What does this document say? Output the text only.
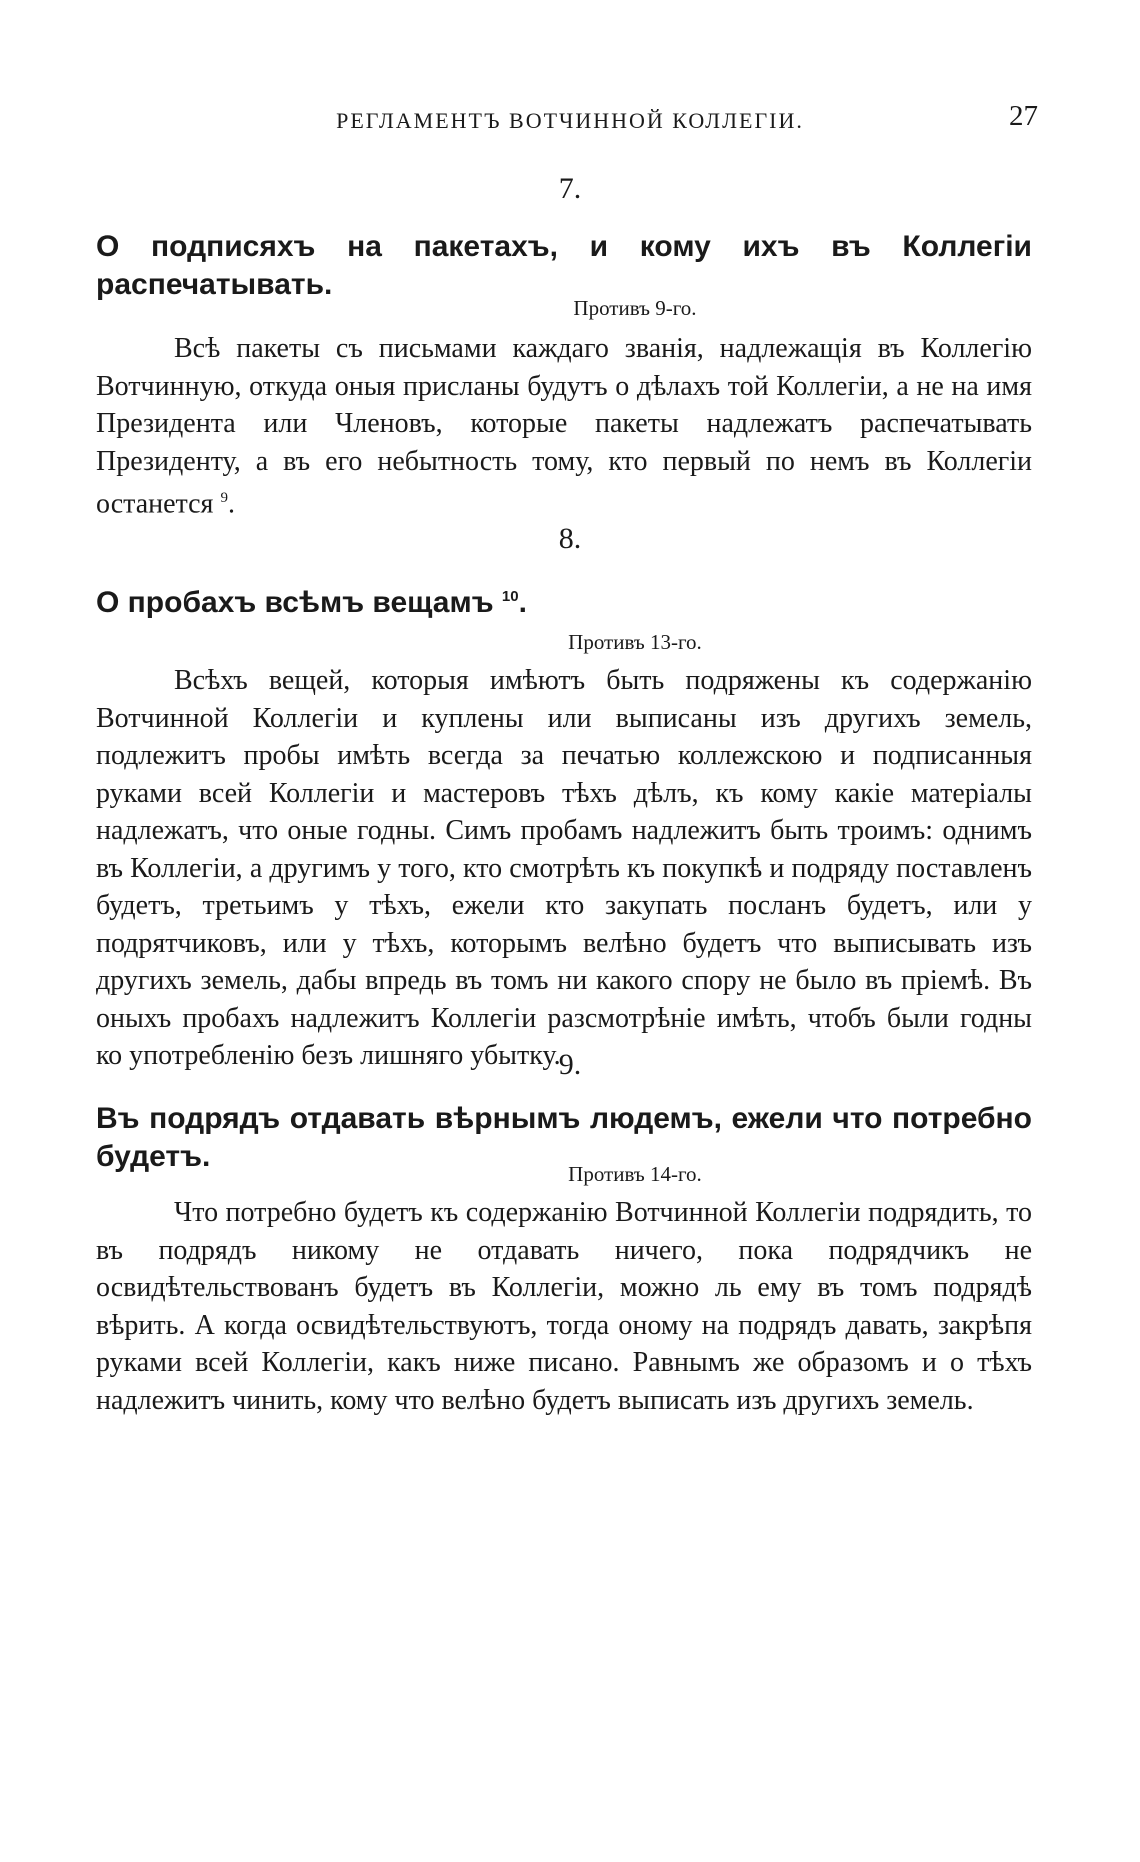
РЕГЛАМЕНТЪ ВОТЧИННОЙ КОЛЛЕГІИ.	27
7.
О подписяхъ на пакетахъ, и кому ихъ въ Коллегіи распечатывать.
Противъ 9-го.

Всѣ пакеты съ письмами каждаго званія, надлежащія въ Коллегію Вотчинную, откуда оныя присланы будутъ о дѣлахъ той Коллегіи, а не на имя Президента или Членовъ, которые пакеты надлежатъ распечатывать Президенту, а въ его небытность тому, кто первый по немъ въ Коллегіи останется $^9$.

8.
О пробахъ всѣмъ вещамъ $^{10}$.
Противъ 13-го.

Всѣхъ вещей, которыя имѣютъ быть подряжены къ содержанію Вотчинной Коллегіи и куплены или выписаны изъ другихъ земель, подлежитъ пробы имѣть всегда за печатью коллежскою и подписанныя руками всей Коллегіи и мастеровъ тѣхъ дѣлъ, къ кому какіе матеріалы надлежатъ, что оные годны. Симъ пробамъ надлежитъ быть троимъ: однимъ въ Коллегіи, а другимъ у того, кто смотрѣть къ покупкѣ и подряду поставленъ будетъ, третьимъ у тѣхъ, ежели кто закупать посланъ будетъ, или у подрятчиковъ, или у тѣхъ, которымъ велѣно будетъ что выписывать изъ другихъ земель, дабы впредь въ томъ ни какого спору не было въ пріемѣ. Въ оныхъ пробахъ надлежитъ Коллегіи разсмотрѣніе имѣть, чтобъ были годны ко употребленію безъ лишняго убытку.

9.
Въ подрядъ отдавать вѣрнымъ людемъ, ежели что потребно будетъ.
Противъ 14-го.

Что потребно будетъ къ содержанію Вотчинной Коллегіи подрядить, то въ подрядъ никому не отдавать ничего, пока подрядчикъ не освидѣтельствованъ будетъ въ Коллегіи, можно ль ему въ томъ подрядѣ вѣрить. А когда освидѣтельствуютъ, тогда оному на подрядъ давать, закрѣпя руками всей Коллегіи, какъ ниже писано. Равнымъ же образомъ и о тѣхъ надлежитъ чинить, кому что велѣно будетъ выписать изъ другихъ земель.
